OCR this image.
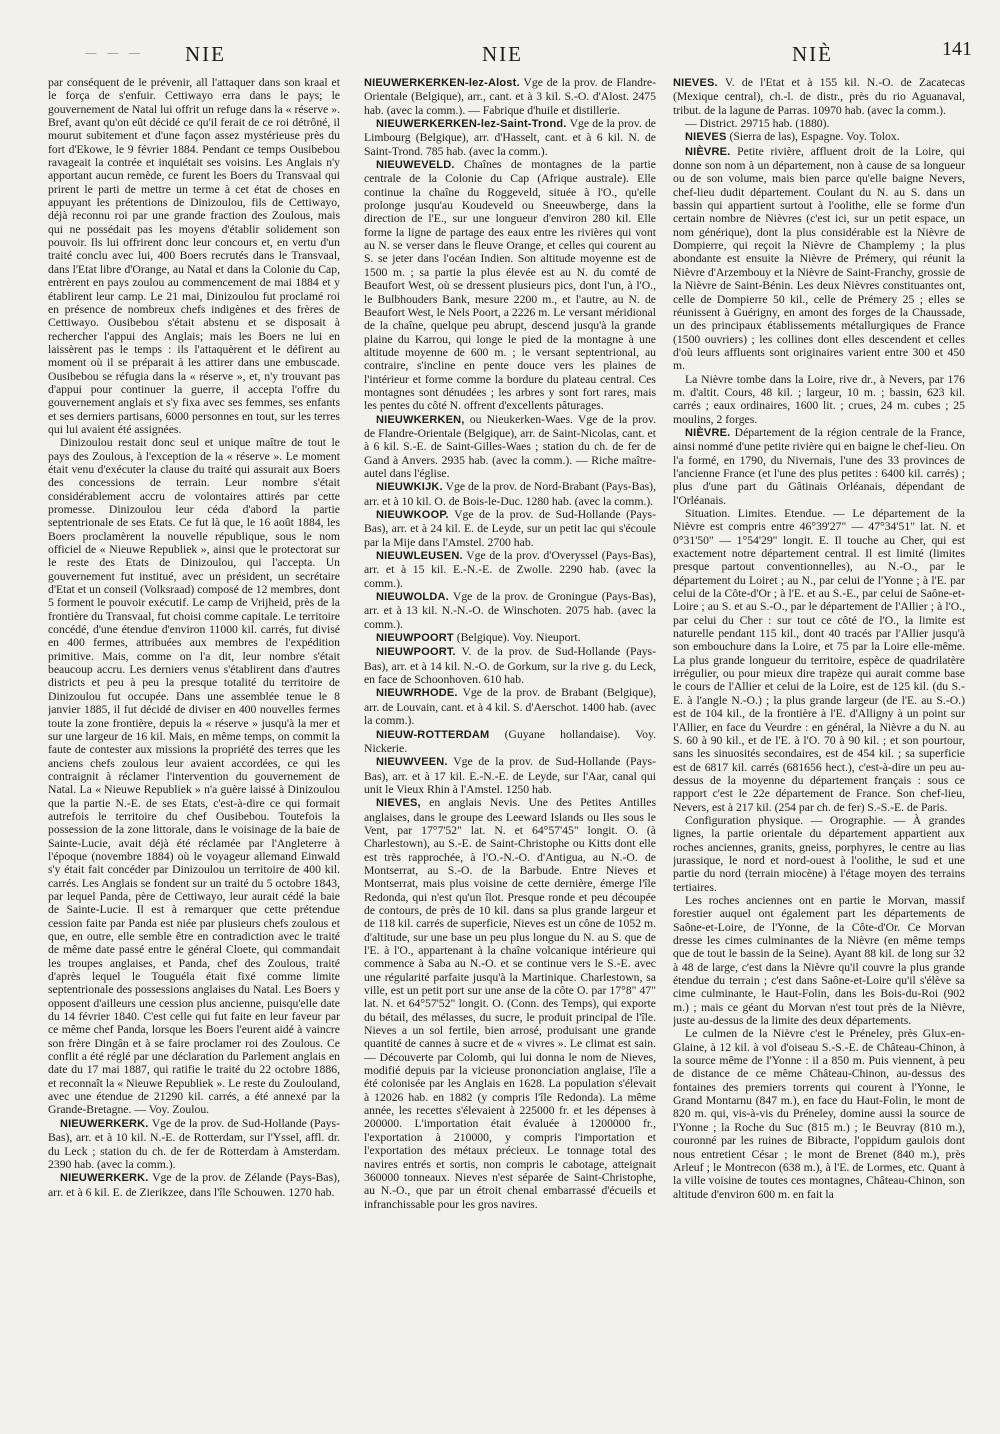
— — — NIE	NIE	NIÈ	141

par conséquent de le prévenir, all l'attaquer dans son kraal et le força de s'enfuir. Cettiwayo erra dans le pays; le gouvernement de Natal lui offrit un refuge dans la « réserve ». Bref, avant qu'on eût décidé ce qu'il ferait de ce roi détrôné, il mourut subitement et d'une façon assez mystérieuse près du fort d'Ekowe, le 9 février 1884. Pendant ce temps Ousibebou ravageait la contrée et inquiétait ses voisins. Les Anglais n'y apportant aucun remède, ce furent les Boers du Transvaal qui prirent le parti de mettre un terme à cet état de choses en appuyant les prétentions de Dinizoulou, fils de Cettiwayo, déjà reconnu roi par une grande fraction des Zoulous, mais qui ne possédait pas les moyens d'établir solidement son pouvoir. Ils lui offrirent donc leur concours et, en vertu d'un traité conclu avec lui, 400 Boers recrutés dans le Transvaal, dans l'Etat libre d'Orange, au Natal et dans la Colonie du Cap, entrèrent en pays zoulou au commencement de mai 1884 et y établirent leur camp. Le 21 mai, Dinizoulou fut proclamé roi en présence de nombreux chefs indigènes et des frères de Cettiwayo. Ousibebou s'était abstenu et se disposait à rechercher l'appui des Anglais; mais les Boers ne lui en laissèrent pas le temps : ils l'attaquèrent et le défirent au moment où il se préparait à les attirer dans une embuscade. Ousibebou se réfugia dans la « réserve », et, n'y trouvant pas d'appui pour continuer la guerre, il accepta l'offre du gouvernement anglais et s'y fixa avec ses femmes, ses enfants et ses derniers partisans, 6000 personnes en tout, sur les terres qui lui avaient été assignées.

Dinizoulou restait donc seul et unique maître de tout le pays des Zoulous, à l'exception de la « réserve ». Le moment était venu d'exécuter la clause du traité qui assurait aux Boers des concessions de terrain. Leur nombre s'était considérablement accru de volontaires attirés par cette promesse. Dinizoulou leur céda d'abord la partie septentrionale de ses Etats. Ce fut là que, le 16 août 1884, les Boers proclamèrent la nouvelle république, sous le nom officiel de « Nieuwe Republiek », ainsi que le protectorat sur le reste des Etats de Dinizoulou, qui l'accepta. Un gouvernement fut institué, avec un président, un secrétaire d'Etat et un conseil (Volksraad) composé de 12 membres, dont 5 forment le pouvoir exécutif. Le camp de Vrijheid, près de la frontière du Transvaal, fut choisi comme capitale. Le territoire concédé, d'une étendue d'environ 11000 kil. carrés, fut divisé en 400 fermes, attribuées aux membres de l'expédition primitive. Mais, comme on l'a dit, leur nombre s'était beaucoup accru. Les derniers venus s'établirent dans d'autres districts et peu à peu la presque totalité du territoire de Dinizoulou fut occupée. Dans une assemblée tenue le 8 janvier 1885, il fut décidé de diviser en 400 nouvelles fermes toute la zone frontière, depuis la « réserve » jusqu'à la mer et sur une largeur de 16 kil. Mais, en même temps, on commit la faute de contester aux missions la propriété des terres que les anciens chefs zoulous leur avaient accordées, ce qui les contraignit à réclamer l'intervention du gouvernement de Natal. La « Nieuwe Republiek » n'a guère laissé à Dinizoulou que la partie N.-E. de ses Etats, c'est-à-dire ce qui formait autrefois le territoire du chef Ousibebou. Toutefois la possession de la zone littorale, dans le voisinage de la baie de Sainte-Lucie, avait déjà été réclamée par l'Angleterre à l'époque (novembre 1884) où le voyageur allemand Einwald s'y était fait concéder par Dinizoulou un territoire de 400 kil. carrés. Les Anglais se fondent sur un traité du 5 octobre 1843, par lequel Panda, père de Cettiwayo, leur aurait cédé la baie de Sainte-Lucie. Il est à remarquer que cette prétendue cession faite par Panda est niée par plusieurs chefs zoulous et que, en outre, elle semble être en contradiction avec le traité de même date passé entre le général Cloete, qui commandait les troupes anglaises, et Panda, chef des Zoulous, traité d'après lequel le Touguéla était fixé comme limite septentrionale des possessions anglaises du Natal. Les Boers y opposent d'ailleurs une cession plus ancienne, puisqu'elle date du 14 février 1840. C'est celle qui fut faite en leur faveur par ce même chef Panda, lorsque les Boers l'eurent aidé à vaincre son frère Dingân et à se faire proclamer roi des Zoulous. Ce conflit a été réglé par une déclaration du Parlement anglais en date du 17 mai 1887, qui ratifie le traité du 22 octobre 1886, et reconnaît la « Nieuwe Republiek ». Le reste du Zoulouland, avec une étendue de 21290 kil. carrés, a été annexé par la Grande-Bretagne. — Voy. Zoulou.

NIEUWERKERK. Vge de la prov. de Sud-Hollande (Pays-Bas), arr. et à 10 kil. N.-E. de Rotterdam, sur l'Yssel, affl. dr. du Leck ; station du ch. de fer de Rotterdam à Amsterdam. 2390 hab. (avec la comm.).

NIEUWERKERK. Vge de la prov. de Zélande (Pays-Bas), arr. et à 6 kil. E. de Zierikzee, dans l'île Schouwen. 1270 hab.

NIEUWERKERKEN-lez-Alost. Vge de la prov. de Flandre-Orientale (Belgique), arr., cant. et à 3 kil. S.-O. d'Alost. 2475 hab. (avec la comm.). — Fabrique d'huile et distillerie.

NIEUWERKERKEN-lez-Saint-Trond. Vge de la prov. de Limbourg (Belgique), arr. d'Hasselt, cant. et à 6 kil. N. de Saint-Trond. 785 hab. (avec la comm.).

NIEUWEVELD. Chaînes de montagnes de la partie centrale de la Colonie du Cap (Afrique australe). Elle continue la chaîne du Roggeveld, située à l'O., qu'elle prolonge jusqu'au Koudeveld ou Sneeuwberge, dans la direction de l'E., sur une longueur d'environ 280 kil. Elle forme la ligne de partage des eaux entre les rivières qui vont au N. se verser dans le fleuve Orange, et celles qui courent au S. se jeter dans l'océan Indien. Son altitude moyenne est de 1500 m. ; sa partie la plus élevée est au N. du comté de Beaufort West, où se dressent plusieurs pics, dont l'un, à l'O., le Bulbhouders Bank, mesure 2200 m., et l'autre, au N. de Beaufort West, le Nels Poort, a 2226 m. Le versant méridional de la chaîne, quelque peu abrupt, descend jusqu'à la grande plaine du Karrou, qui longe le pied de la montagne à une altitude moyenne de 600 m. ; le versant septentrional, au contraire, s'incline en pente douce vers les plaines de l'intérieur et forme comme la bordure du plateau central. Ces montagnes sont dénudées ; les arbres y sont fort rares, mais les pentes du côté N. offrent d'excellents pâturages.

NIEUWKERKEN, ou Nieukerken-Waes. Vge de la prov. de Flandre-Orientale (Belgique), arr. de Saint-Nicolas, cant. et à 6 kil. S.-E. de Saint-Gilles-Waes ; station du ch. de fer de Gand à Anvers. 2935 hab. (avec la comm.). — Riche maître-autel dans l'église.

NIEUWKIJK. Vge de la prov. de Nord-Brabant (Pays-Bas), arr. et à 10 kil. O. de Bois-le-Duc. 1280 hab. (avec la comm.).

NIEUWKOOP. Vge de la prov. de Sud-Hollande (Pays-Bas), arr. et à 24 kil. E. de Leyde, sur un petit lac qui s'écoule par la Mije dans l'Amstel. 2700 hab.

NIEUWLEUSEN. Vge de la prov. d'Overyssel (Pays-Bas), arr. et à 15 kil. E.-N.-E. de Zwolle. 2290 hab. (avec la comm.).

NIEUWOLDA. Vge de la prov. de Groningue (Pays-Bas), arr. et à 13 kil. N.-N.-O. de Winschoten. 2075 hab. (avec la comm.).

NIEUWPOORT (Belgique). Voy. Nieuport.

NIEUWPOORT. V. de la prov. de Sud-Hollande (Pays-Bas), arr. et à 14 kil. N.-O. de Gorkum, sur la rive g. du Leck, en face de Schoonhoven. 610 hab.

NIEUWRHODE. Vge de la prov. de Brabant (Belgique), arr. de Louvain, cant. et à 4 kil. S. d'Aerschot. 1400 hab. (avec la comm.).

NIEUW-ROTTERDAM (Guyane hollandaise). Voy. Nickerie.

NIEUWVEEN. Vge de la prov. de Sud-Hollande (Pays-Bas), arr. et à 17 kil. E.-N.-E. de Leyde, sur l'Aar, canal qui unit le Vieux Rhin à l'Amstel. 1250 hab.

NIEVES, en anglais Nevis. Une des Petites Antilles anglaises, dans le groupe des Leeward Islands ou Iles sous le Vent, par 17°7'52" lat. N. et 64°57'45" longit. O. (à Charlestown), au S.-E. de Saint-Christophe ou Kitts dont elle est très rapprochée, à l'O.-N.-O. d'Antigua, au N.-O. de Montserrat, au S.-O. de la Barbude. Entre Nieves et Montserrat, mais plus voisine de cette dernière, émerge l'île Redonda, qui n'est qu'un îlot. Presque ronde et peu découpée de contours, de près de 10 kil. dans sa plus grande largeur et de 118 kil. carrés de superficie, Nieves est un cône de 1052 m. d'altitude, sur une base un peu plus longue du N. au S. que de l'E. à l'O., appartenant à la chaîne volcanique intérieure qui commence à Saba au N.-O. et se continue vers le S.-E. avec une régularité parfaite jusqu'à la Martinique. Charlestown, sa ville, est un petit port sur une anse de la côte O. par 17°8" 47" lat. N. et 64°57'52" longit. O. (Conn. des Temps), qui exporte du bétail, des mélasses, du sucre, le produit principal de l'île. Nieves a un sol fertile, bien arrosé, produisant une grande quantité de cannes à sucre et de « vivres ». Le climat est sain. — Découverte par Colomb, qui lui donna le nom de Nieves, modifié depuis par la vicieuse prononciation anglaise, l'île a été colonisée par les Anglais en 1628. La population s'élevait à 12026 hab. en 1882 (y compris l'île Redonda). La même année, les recettes s'élevaient à 225000 fr. et les dépenses à 200000. L'importation était évaluée à 1200000 fr., l'exportation à 210000, y compris l'importation et l'exportation des métaux précieux. Le tonnage total des navires entrés et sortis, non compris le cabotage, atteignait 360000 tonneaux. Nieves n'est séparée de Saint-Christophe, au N.-O., que par un étroit chenal embarrassé d'écueils et infranchissable pour les gros navires.

NIEVES. V. de l'Etat et à 155 kil. N.-O. de Zacatecas (Mexique central), ch.-l. de distr., près du rio Aguanaval, tribut. de la lagune de Parras. 10970 hab. (avec la comm.).

— District. 29715 hab. (1880).

NIEVES (Sierra de las), Espagne. Voy. Tolox.

NIÈVRE. Petite rivière, affluent droit de la Loire, qui donne son nom à un département, non à cause de sa longueur ou de son volume, mais bien parce qu'elle baigne Nevers, chef-lieu dudit département. Coulant du N. au S. dans un bassin qui appartient surtout à l'oolithe, elle se forme d'un certain nombre de Nièvres (c'est ici, sur un petit espace, un nom générique), dont la plus considérable est la Nièvre de Dompierre, qui reçoit la Nièvre de Champlemy ; la plus abondante est ensuite la Nièvre de Prémery, qui réunit la Nièvre d'Arzembouy et la Nièvre de Saint-Franchy, grossie de la Nièvre de Saint-Bénin. Les deux Nièvres constituantes ont, celle de Dompierre 50 kil., celle de Prémery 25 ; elles se réunissent à Guérigny, en amont des forges de la Chaussade, un des principaux établissements métallurgiques de France (1500 ouvriers) ; les collines dont elles descendent et celles d'où leurs affluents sont originaires varient entre 300 et 450 m.

La Nièvre tombe dans la Loire, rive dr., à Nevers, par 176 m. d'altit. Cours, 48 kil. ; largeur, 10 m. ; bassin, 623 kil. carrés ; eaux ordinaires, 1600 lit. ; crues, 24 m. cubes ; 25 moulins, 2 forges.

NIÈVRE. Département de la région centrale de la France, ainsi nommé d'une petite rivière qui en baigne le chef-lieu. On l'a formé, en 1790, du Nivernais, l'une des 33 provinces de l'ancienne France (et l'une des plus petites : 6400 kil. carrés) ; plus d'une part du Gâtinais Orléanais, dépendant de l'Orléanais.

Situation. Limites. Etendue. — Le département de la Nièvre est compris entre 46°39'27" — 47°34'51" lat. N. et 0°31'50" — 1°54'29" longit. E. Il touche au Cher, qui est exactement notre département central. Il est limité (limites presque partout conventionnelles), au N.-O., par le département du Loiret ; au N., par celui de l'Yonne ; à l'E. par celui de la Côte-d'Or ; à l'E. et au S.-E., par celui de Saône-et-Loire ; au S. et au S.-O., par le département de l'Allier ; à l'O., par celui du Cher : sur tout ce côté de l'O., la limite est naturelle pendant 115 kil., dont 40 tracés par l'Allier jusqu'à son embouchure dans la Loire, et 75 par la Loire elle-même. La plus grande longueur du territoire, espèce de quadrilatère irrégulier, ou pour mieux dire trapèze qui aurait comme base le cours de l'Allier et celui de la Loire, est de 125 kil. (du S.-E. à l'angle N.-O.) ; la plus grande largeur (de l'E. au S.-O.) est de 104 kil., de la frontière à l'E. d'Alligny à un point sur l'Allier, en face du Veurdre : en général, la Nièvre a du N. au S. 60 à 90 kil., et de l'E. à l'O. 70 à 90 kil. ; et son pourtour, sans les sinuosités secondaires, est de 454 kil. ; sa superficie est de 6817 kil. carrés (681656 hect.), c'est-à-dire un peu au-dessus de la moyenne du département français : sous ce rapport c'est le 22e département de France. Son chef-lieu, Nevers, est à 217 kil. (254 par ch. de fer) S.-S.-E. de Paris.

Configuration physique. — Orographie. — À grandes lignes, la partie orientale du département appartient aux roches anciennes, granits, gneiss, porphyres, le centre au lias jurassique, le nord et nord-ouest à l'oolithe, le sud et une partie du nord (terrain miocène) à l'étage moyen des terrains tertiaires.

Les roches anciennes ont en partie le Morvan, massif forestier auquel ont également part les départements de Saône-et-Loire, de l'Yonne, de la Côte-d'Or. Ce Morvan dresse les cimes culminantes de la Nièvre (en même temps que de tout le bassin de la Seine). Ayant 88 kil. de long sur 32 à 48 de large, c'est dans la Nièvre qu'il couvre la plus grande étendue du terrain ; c'est dans Saône-et-Loire qu'il s'élève sa cime culminante, le Haut-Folin, dans les Bois-du-Roi (902 m.) ; mais ce géant du Morvan n'est tout près de la Nièvre, juste au-dessus de la limite des deux départements.

Le culmen de la Nièvre c'est le Préneley, près Glux-en-Glaine, à 12 kil. à vol d'oiseau S.-S.-E. de Château-Chinon, à la source même de l'Yonne : il a 850 m. Puis viennent, à peu de distance de ce même Château-Chinon, au-dessus des fontaines des premiers torrents qui courent à l'Yonne, le Grand Montarnu (847 m.), en face du Haut-Folin, le mont de 820 m. qui, vis-à-vis du Préneley, domine aussi la source de l'Yonne ; la Roche du Suc (815 m.) ; le Beuvray (810 m.), couronné par les ruines de Bibracte, l'oppidum gaulois dont nous entretient César ; le mont de Brenet (840 m.), près Arleuf ; le Montrecon (638 m.), à l'E. de Lormes, etc. Quant à la ville voisine de toutes ces montagnes, Château-Chinon, son altitude d'environ 600 m. en fait la
